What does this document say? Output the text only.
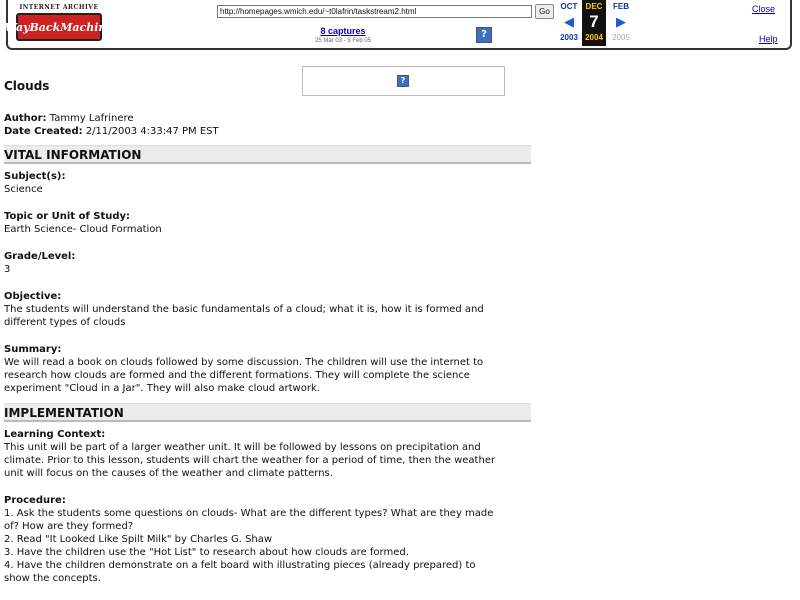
INTERNET ARCHIVE
WayBackMachine
http://homepages.wmich.edu/~t0lafrin/taskstream2.html	Go
8 captures
25 Mar 03 - 9 Feb 05
?
OCT
◀
2003
DEC
7
2004
FEB
▶
2005
Close
Help
?
Clouds
Author: Tammy Lafrinere
Date Created: 2/11/2003 4:33:47 PM EST
VITAL INFORMATION
Subject(s):
Science
Topic or Unit of Study:
Earth Science- Cloud Formation
Grade/Level:
3
Objective:
The students will understand the basic fundamentals of a cloud; what it is, how it is formed and different types of clouds
Summary:
We will read a book on clouds followed by some discussion. The children will use the internet to research how clouds are formed and the different formations. They will complete the science experiment "Cloud in a Jar". They will also make cloud artwork.
IMPLEMENTATION
Learning Context:
This unit will be part of a larger weather unit. It will be followed by lessons on precipitation and climate. Prior to this lesson, students will chart the weather for a period of time, then the weather unit will focus on the causes of the weather and climate patterns.
Procedure:
1. Ask the students some questions on clouds- What are the different types? What are they made of? How are they formed?
2. Read "It Looked Like Spilt Milk" by Charles G. Shaw
3. Have the children use the "Hot List" to research about how clouds are formed.
4. Have the children demonstrate on a felt board with illustrating pieces (already prepared) to show the concepts.
